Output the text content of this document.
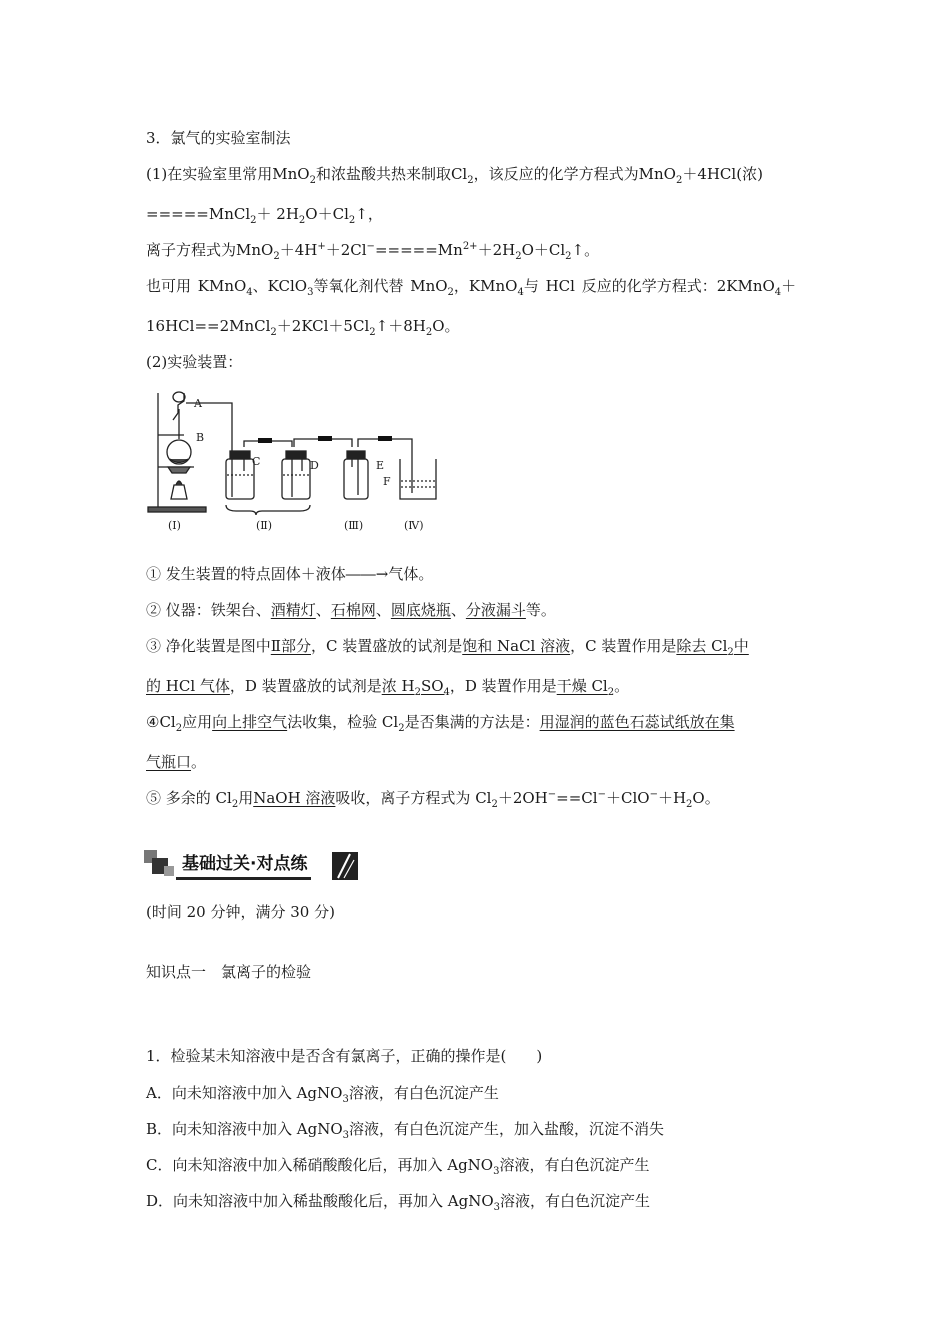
3．氯气的实验室制法
(1)在实验室里常用MnO$_2$和浓盐酸共热来制取$Cl_2$，该反应的化学方程式为MnO$_2$＋4HCl(浓)
=====MnCl$_2$＋ $2H_2O+Cl_2↑$，
离子方程式为$MnO_2+4H^++2Cl^-=====Mn^{2+}+2H_2O+Cl_2↑$。
也可用 KMnO$_4$、KClO$_3$等氧化剂代替 MnO$_2$，KMnO$_4$与 HCl 反应的化学方程式：2KMnO$_4$＋
$16HCl==2MnCl_2+2KCl+5Cl_2↑+8H_2O$。
(2)实验装置：
A
B
C	D	E
F
(Ⅰ)	(Ⅱ)	(Ⅲ)	(Ⅳ)
① 发生装置的特点固体＋液体――→气体。
② 仪器：铁架台、酒精灯、石棉网、圆底烧瓶、分液漏斗等。
③ 净化装置是图中Ⅱ部分，C 装置盛放的试剂是饱和 NaCl 溶液，C 装置作用是除去 $Cl_2$中
的 HCl 气体，D 装置盛放的试剂是浓 $H_2SO_4$，D 装置作用是干燥 $Cl_2$。
$④Cl_2$应用向上排空气法收集，检验 $Cl_2$是否集满的方法是：用湿润的蓝色石蕊试纸放在集
气瓶口。
⑤ 多余的 $Cl_2$用NaOH 溶液吸收，离子方程式为 $Cl_2+2OH^-==Cl^-+ClO^-+H_2O$。
基础过关·对点练
(时间 20 分钟，满分 30 分)
知识点一　氯离子的检验
1．检验某未知溶液中是否含有氯离子，正确的操作是(　　)
A．向未知溶液中加入 AgNO$_3$溶液，有白色沉淀产生
B．向未知溶液中加入 AgNO$_3$溶液，有白色沉淀产生，加入盐酸，沉淀不消失
C．向未知溶液中加入稀硝酸酸化后，再加入 AgNO$_3$溶液，有白色沉淀产生
D．向未知溶液中加入稀盐酸酸化后，再加入 AgNO$_3$溶液，有白色沉淀产生
